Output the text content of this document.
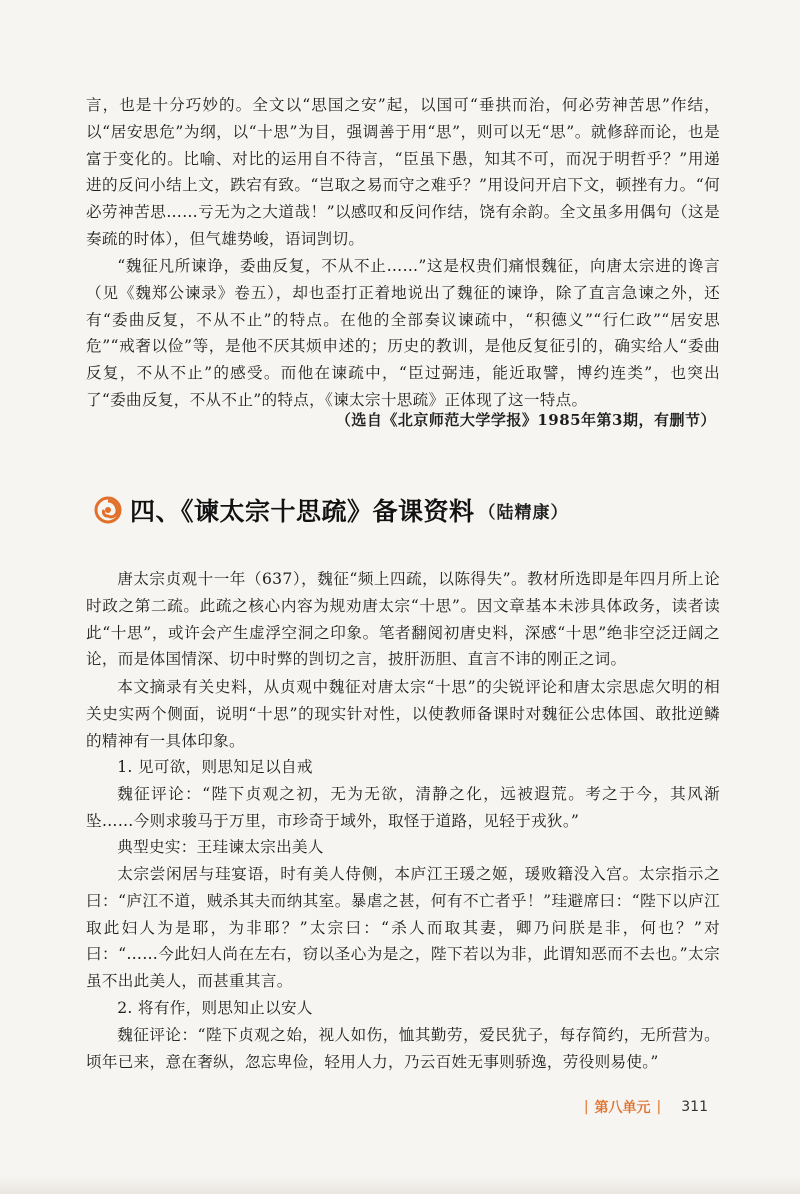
言，也是十分巧妙的。全文以“思国之安”起，以国可“垂拱而治，何必劳神苦思”作结，以“居安思危”为纲，以“十思”为目，强调善于用“思”，则可以无“思”。就修辞而论，也是富于变化的。比喻、对比的运用自不待言，“臣虽下愚，知其不可，而况于明哲乎？”用递进的反问小结上文，跌宕有致。“岂取之易而守之难乎？”用设问开启下文，顿挫有力。“何必劳神苦思……亏无为之大道哉！”以感叹和反问作结，饶有余韵。全文虽多用偶句（这是奏疏的时体），但气雄势峻，语词剀切。

“魏征凡所谏诤，委曲反复，不从不止……”这是权贵们痛恨魏征，向唐太宗进的谗言（见《魏郑公谏录》卷五），却也歪打正着地说出了魏征的谏诤，除了直言急谏之外，还有“委曲反复，不从不止”的特点。在他的全部奏议谏疏中，“积德义”“行仁政”“居安思危”“戒奢以俭”等，是他不厌其烦申述的；历史的教训，是他反复征引的，确实给人“委曲反复，不从不止”的感受。而他在谏疏中，“臣过弼违，能近取譬，博约连类”，也突出了“委曲反复，不从不止”的特点，《谏太宗十思疏》正体现了这一特点。

（选自《北京师范大学学报》1985年第3期，有删节）
四、《谏太宗十思疏》备课资料 （陆精康）

唐太宗贞观十一年（637），魏征“频上四疏，以陈得失”。教材所选即是年四月所上论时政之第二疏。此疏之核心内容为规劝唐太宗“十思”。因文章基本未涉具体政务，读者读此“十思”，或许会产生虚浮空洞之印象。笔者翻阅初唐史料，深感“十思”绝非空泛迂阔之论，而是体国情深、切中时弊的剀切之言，披肝沥胆、直言不讳的刚正之词。

本文摘录有关史料，从贞观中魏征对唐太宗“十思”的尖锐评论和唐太宗思虑欠明的相关史实两个侧面，说明“十思”的现实针对性，以使教师备课时对魏征公忠体国、敢批逆鳞的精神有一具体印象。

1. 见可欲，则思知足以自戒

魏征评论：“陛下贞观之初，无为无欲，清静之化，远被遐荒。考之于今，其风渐坠……今则求骏马于万里，市珍奇于域外，取怪于道路，见轻于戎狄。”

典型史实：王珪谏太宗出美人

太宗尝闲居与珪宴语，时有美人侍侧，本庐江王瑗之姬，瑗败籍没入宫。太宗指示之曰：“庐江不道，贼杀其夫而纳其室。暴虐之甚，何有不亡者乎！”珪避席曰：“陛下以庐江取此妇人为是耶，为非耶？”太宗曰：“杀人而取其妻，卿乃问朕是非，何也？”对曰：“……今此妇人尚在左右，窃以圣心为是之，陛下若以为非，此谓知恶而不去也。”太宗虽不出此美人，而甚重其言。

2. 将有作，则思知止以安人

魏征评论：“陛下贞观之始，视人如伤，恤其勤劳，爱民犹子，每存简约，无所营为。顷年已来，意在奢纵，忽忘卑俭，轻用人力，乃云百姓无事则骄逸，劳役则易使。”

| 第八单元 | 311
